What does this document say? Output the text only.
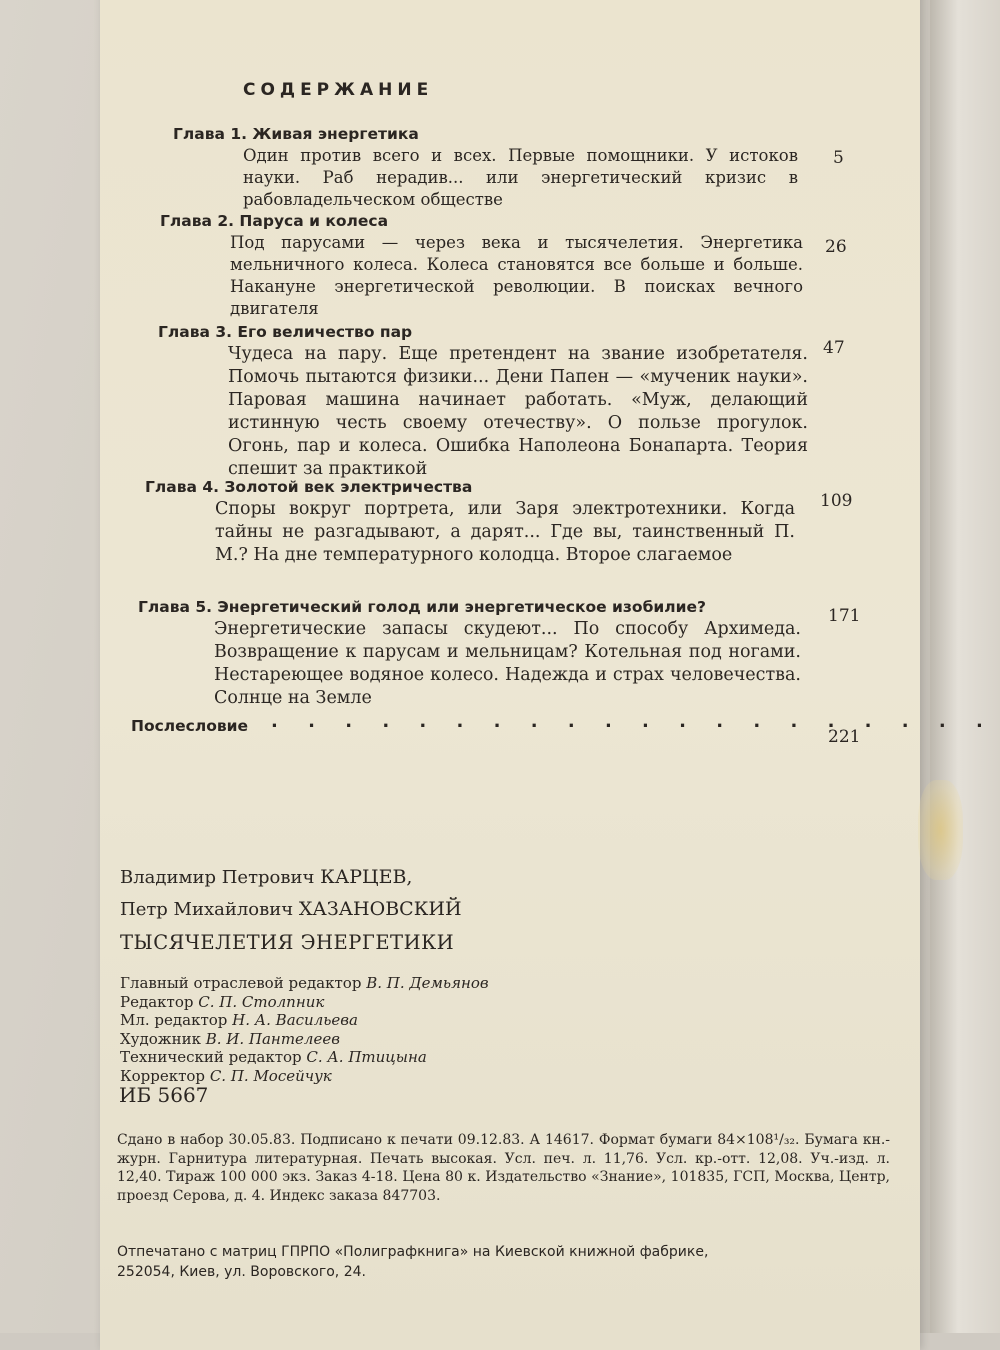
СОДЕРЖАНИЕ
Глава 1. Живая энергетика
Один против всего и всех. Первые помощники. У истоков науки. Раб нерадив... или энергетический кризис в рабовладельческом обществе
5
Глава 2. Паруса и колеса
Под парусами — через века и тысячелетия. Энергетика мельничного колеса. Колеса становятся все больше и больше. Накануне энергетической революции. В поисках вечного двигателя
26
Глава 3. Его величество пар
Чудеса на пару. Еще претендент на звание изобретателя. Помочь пытаются физики... Дени Папен — «мученик науки». Паровая машина начинает работать. «Муж, делающий истинную честь своему отечеству». О пользе прогулок. Огонь, пар и колеса. Ошибка Наполеона Бонапарта. Теория спешит за практикой
47
Глава 4. Золотой век электричества
Споры вокруг портрета, или Заря электротехники. Когда тайны не разгадывают, а дарят... Где вы, таинственный П. М.? На дне температурного колодца. Второе слагаемое
109
Глава 5. Энергетический голод или энергетическое изобилие?
Энергетические запасы скудеют... По способу Архимеда. Возвращение к парусам и мельницам? Котельная под ногами. Нестареющее водяное колесо. Надежда и страх человечества. Солнце на Земле
171
Послесловие . . . . . . . . . . . . . . . . . . . .
221
Владимир Петрович КАРЦЕВ,
Петр Михайлович ХАЗАНОВСКИЙ
ТЫСЯЧЕЛЕТИЯ ЭНЕРГЕТИКИ
Главный отраслевой редактор В. П. Демьянов
Редактор С. П. Столпник
Мл. редактор Н. А. Васильева
Художник В. И. Пантелеев
Технический редактор С. А. Птицына
Корректор С. П. Мосейчук
ИБ 5667
Сдано в набор 30.05.83. Подписано к печати 09.12.83. А 14617. Формат бумаги 84×108¹/₃₂. Бумага кн.-журн. Гарнитура литературная. Печать высокая. Усл. печ. л. 11,76. Усл. кр.-отт. 12,08. Уч.-изд. л. 12,40. Тираж 100 000 экз. Заказ 4-18. Цена 80 к. Издательство «Знание», 101835, ГСП, Москва, Центр, проезд Серова, д. 4. Индекс заказа 847703.
Отпечатано с матриц ГПРПО «Полиграфкнига» на Киевской книжной фабрике, 252054, Киев, ул. Воровского, 24.
